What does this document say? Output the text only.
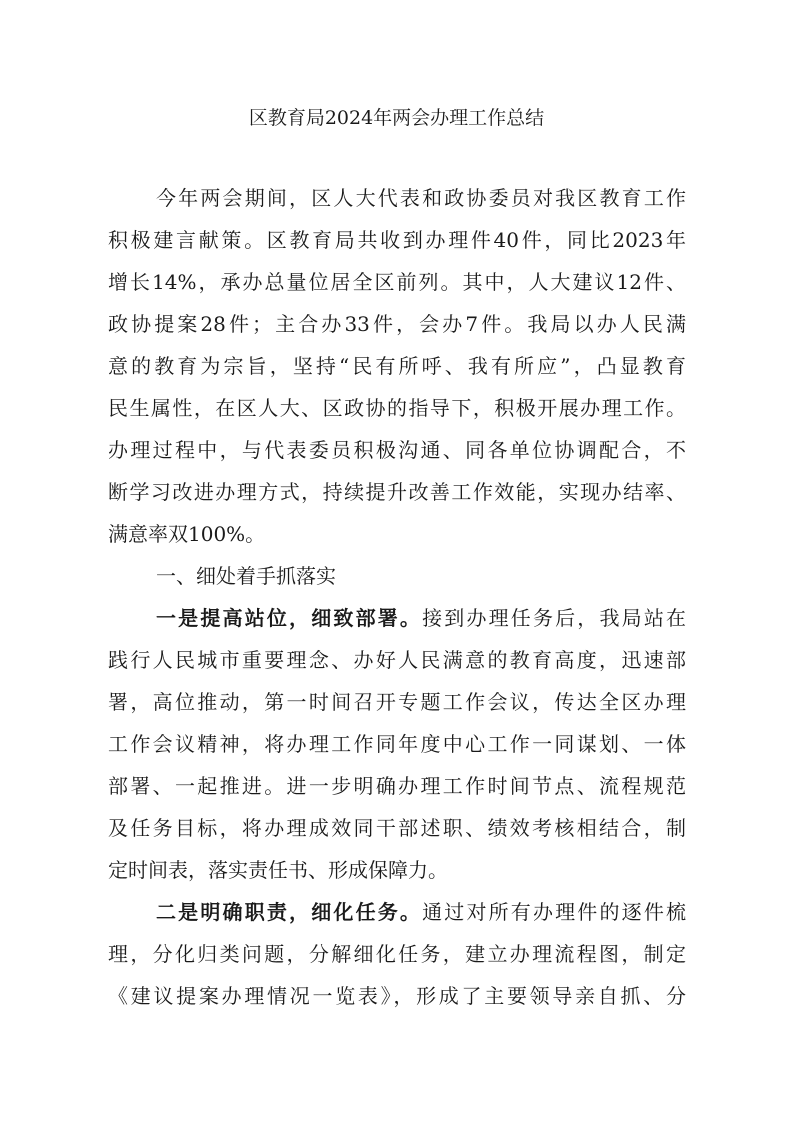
区教育局2024年两会办理工作总结
今年两会期间，区人大代表和政协委员对我区教育工作
积极建言献策。区教育局共收到办理件40件，同比2023年
增长14%，承办总量位居全区前列。其中，人大建议12件、
政协提案28件；主合办33件，会办7件。我局以办人民满
意的教育为宗旨，坚持“民有所呼、我有所应”，凸显教育
民生属性，在区人大、区政协的指导下，积极开展办理工作。
办理过程中，与代表委员积极沟通、同各单位协调配合，不
断学习改进办理方式，持续提升改善工作效能，实现办结率、
满意率双100%。
一、细处着手抓落实
一是提高站位，细致部署。接到办理任务后，我局站在
践行人民城市重要理念、办好人民满意的教育高度，迅速部
署，高位推动，第一时间召开专题工作会议，传达全区办理
工作会议精神，将办理工作同年度中心工作一同谋划、一体
部署、一起推进。进一步明确办理工作时间节点、流程规范
及任务目标，将办理成效同干部述职、绩效考核相结合，制
定时间表，落实责任书、形成保障力。
二是明确职责，细化任务。通过对所有办理件的逐件梳
理，分化归类问题，分解细化任务，建立办理流程图，制定
《建议提案办理情况一览表》，形成了主要领导亲自抓、分
